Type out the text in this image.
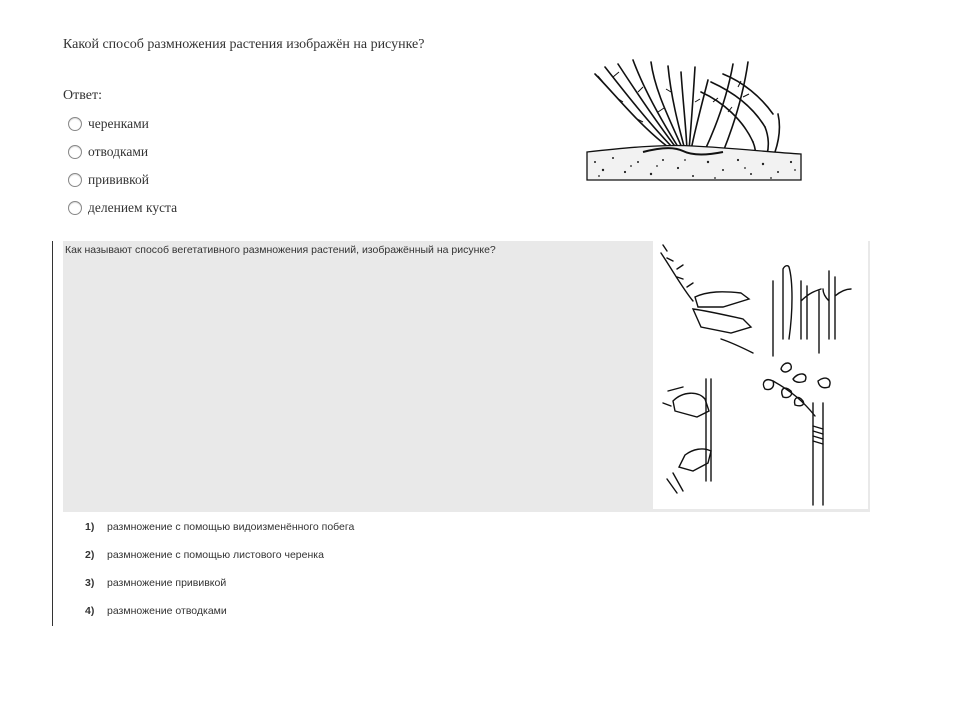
Какой способ размножения растения изображён на рисунке?
Ответ:
черенками
отводками
прививкой
делением куста
Как называют способ вегетативного размножения растений, изображённый на рисунке?
1)	размножение с помощью видоизменённого побега
2)	размножение с помощью листового черенка
3)	размножение прививкой
4)	размножение отводками
